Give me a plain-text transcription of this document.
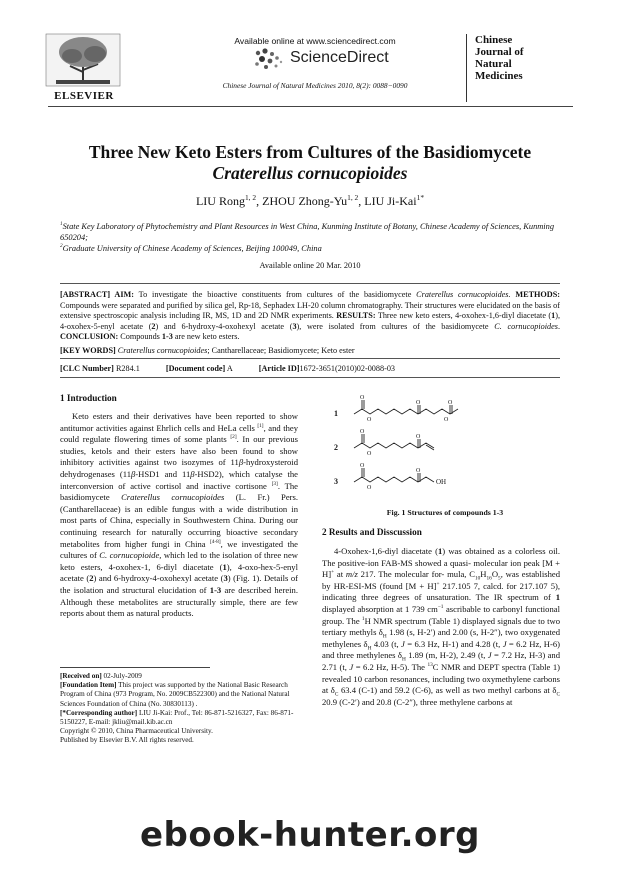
ELSEVIER
Available online at www.sciencedirect.com
ScienceDirect
Chinese Journal of Natural Medicines 2010, 8(2): 0088−0090
Chinese
Journal of
Natural
Medicines
Three New Keto Esters from Cultures of the Basidiomycete
Craterellus cornucopioides
LIU Rong$^{1, 2}$, ZHOU Zhong-Yu$^{1, 2}$, LIU Ji-Kai$^{1*}$
$^1$State Key Laboratory of Phytochemistry and Plant Resources in West China, Kunming Institute of Botany, Chinese Academy of Sciences, Kunming 650204;
$^2$Graduate University of Chinese Academy of Sciences, Beijing 100049, China
Available online 20 Mar. 2010
[ABSTRACT] AIM: To investigate the bioactive constituents from cultures of the basidiomycete Craterellus cornucopioides. METHODS: Compounds were separated and purified by silica gel, Rp-18, Sephadex LH-20 column chromatography. Their structures were elucidated on the basis of extensive spectroscopic analysis including IR, MS, 1D and 2D NMR experiments. RESULTS: Three new keto esters, 4-oxohex-1,6-diyl diacetate (1), 4-oxohex-5-enyl acetate (2) and 6-hydroxy-4-oxohexyl acetate (3), were isolated from cultures of the basidiomycete C. cornucopioides. CONCLUSION: Compounds 1-3 are new keto esters.
[KEY WORDS] Craterellus cornucopioides; Cantharellaceae; Basidiomycete; Keto ester
[CLC Number] R284.1	[Document code] A	[Article ID]1672-3651(2010)02-0088-03
1 Introduction
Keto esters and their derivatives have been reported to show antitumor activities against Ehrlich cells and HeLa cells [1], and they could regulate flowering times of some plants [2]. In our previous studies, ketols and their esters have also been found to show inhibitory activities against two isozymes of 11β-hydroxysteroid dehydrogenases (11β-HSD1 and 11β-HSD2), which catalyse the interconversion of active cortisol and inactive cortisone [3]. The basidiomycete Craterellus cornucopioides (L. Fr.) Pers. (Cantharellaceae) is an edible fungus with a wide distribution in most parts of China, especially in Southwestern China. During our continuing research for naturally occurring bioactive secondary metabolites from higher fungi in China [4-8], we investigated the cultures of C. cornucopioide, which led to the isolation of three new keto esters, 4-oxohex-1, 6-diyl diacetate (1), 4-oxo-hex-5-enyl acetate (2) and 6-hydroxy-4-oxohexyl acetate (3) (Fig. 1). Details of the isolation and structural elucidation of 1-3 are described herein. Although these metabolites are structurally simple, there are few reports about them as natural products.
[Received on] 02-July-2009
[Foundation Item] This project was supported by the National Basic Research Program of China (973 Program, No. 2009CB522300) and the National Natural Sciences Foundation of China (No. 30830113) .
[*Corresponding author] LIU Ji-Kai: Prof., Tel: 86-871-5216327, Fax: 86-871-5150227, E-mail: jkliu@mail.kib.ac.cn
Copyright © 2010, China Pharmaceutical University.
Published by Elsevier B.V. All rights reserved.
O
O	O
O	O
O
O
O
O
O
O
OH
1
2
3
Fig. 1 Structures of compounds 1-3
2 Results and Disscussion
4-Oxohex-1,6-diyl diacetate (1) was obtained as a colorless oil. The positive-ion FAB-MS showed a quasi- molecular ion peak [M + H]+ at m/z 217. The molecular for- mula, $C_{10}H_{16}O_5$, was established by HR-ESI-MS (found [M + H]+ 217.105 7, calcd. for 217.107 5), indicating three degrees of unsaturation. The IR spectrum of 1 displayed absorption at 1 739 $cm^{-1}$ ascribable to carbonyl functional group. The $^1$H NMR spectrum (Table 1) displayed signals due to two tertiary methyls $\delta_H$ 1.98 (s, H-2′) and 2.00 (s, H-2″), two oxygenated methylenes $\delta_H$ 4.03 (t, J = 6.3 Hz, H-1) and 4.28 (t, J = 6.2 Hz, H-6) and three methylenes $\delta_H$ 1.89 (m, H-2), 2.49 (t, J = 7.2 Hz, H-3) and 2.71 (t, J = 6.2 Hz, H-5). The $^{13}$C NMR and DEPT spectra (Table 1) revealed 10 carbon resonances, including two oxymethylene carbons at $\delta_C$ 63.4 (C-1) and 59.2 (C-6), as well as two methyl carbons at $\delta_C$ 20.9 (C-2′) and 20.8 (C-2″), three methylene carbons at
ebook-hunter.org
